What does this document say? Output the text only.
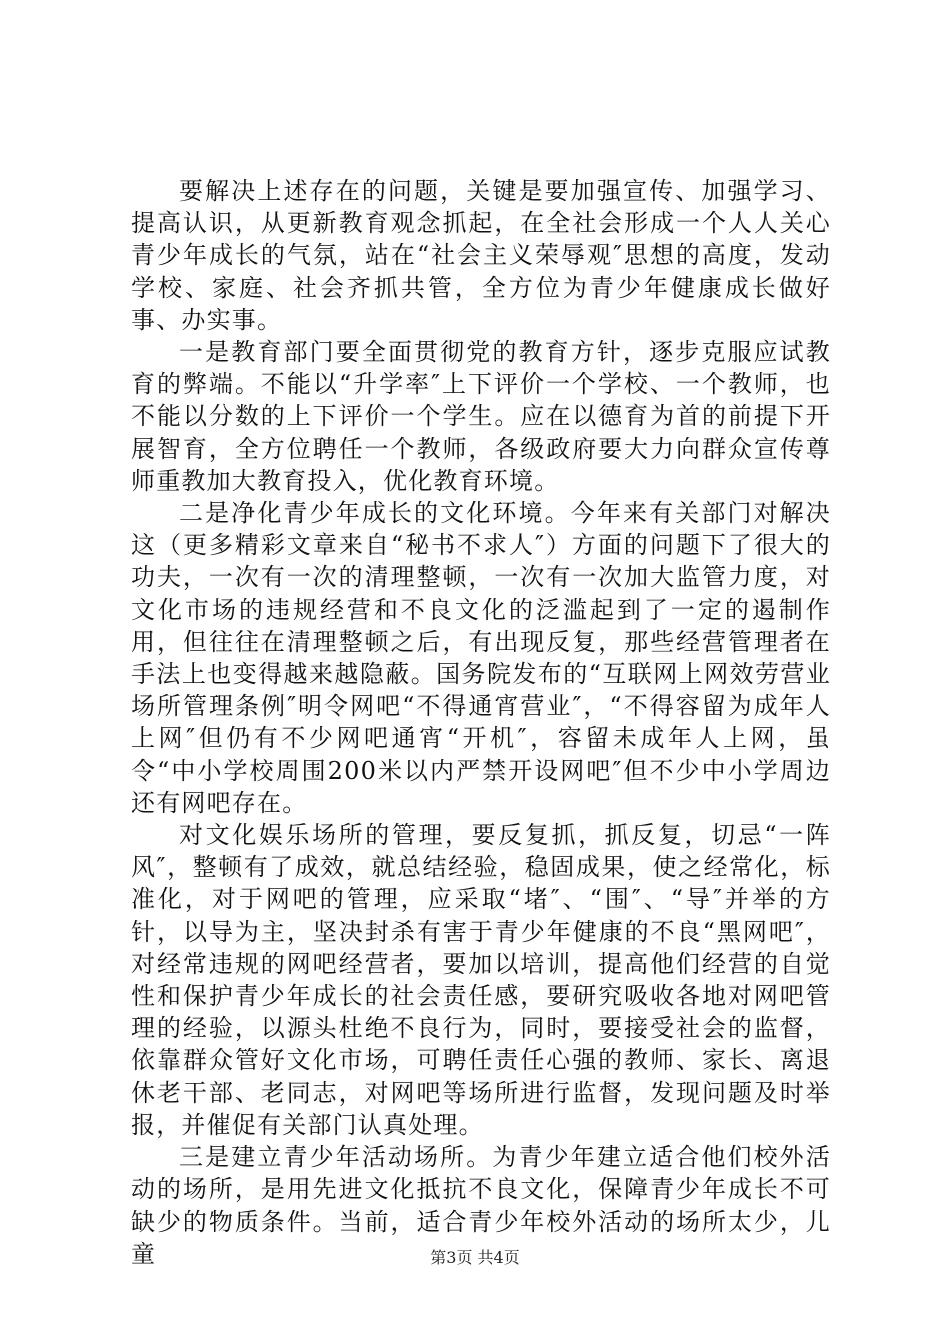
要解决上述存在的问题，关键是要加强宣传、加强学习、提高认识，从更新教育观念抓起，在全社会形成一个人人关心青少年成长的气氛，站在“社会主义荣辱观″思想的高度，发动学校、家庭、社会齐抓共管，全方位为青少年健康成长做好事、办实事。

一是教育部门要全面贯彻党的教育方针，逐步克服应试教育的弊端。不能以“升学率″上下评价一个学校、一个教师，也不能以分数的上下评价一个学生。应在以德育为首的前提下开展智育，全方位聘任一个教师，各级政府要大力向群众宣传尊师重教加大教育投入，优化教育环境。

二是净化青少年成长的文化环境。今年来有关部门对解决这（更多精彩文章来自“秘书不求人″）方面的问题下了很大的功夫，一次有一次的清理整顿，一次有一次加大监管力度，对文化市场的违规经营和不良文化的泛滥起到了一定的遏制作用，但往往在清理整顿之后，有出现反复，那些经营管理者在手法上也变得越来越隐蔽。国务院发布的“互联网上网效劳营业场所管理条例″明令网吧“不得通宵营业″，“不得容留为成年人上网″但仍有不少网吧通宵“开机″，容留未成年人上网，虽令“中小学校周围200米以内严禁开设网吧″但不少中小学周边还有网吧存在。

对文化娱乐场所的管理，要反复抓，抓反复，切忌“一阵风″，整顿有了成效，就总结经验，稳固成果，使之经常化，标准化，对于网吧的管理，应采取“堵″、“围″、“导″并举的方针，以导为主，坚决封杀有害于青少年健康的不良“黑网吧″，对经常违规的网吧经营者，要加以培训，提高他们经营的自觉性和保护青少年成长的社会责任感，要研究吸收各地对网吧管理的经验，以源头杜绝不良行为，同时，要接受社会的监督，依靠群众管好文化市场，可聘任责任心强的教师、家长、离退休老干部、老同志，对网吧等场所进行监督，发现问题及时举报，并催促有关部门认真处理。

三是建立青少年活动场所。为青少年建立适合他们校外活动的场所，是用先进文化抵抗不良文化，保障青少年成长不可缺少的物质条件。当前，适合青少年校外活动的场所太少，儿童	第3页 共4页
